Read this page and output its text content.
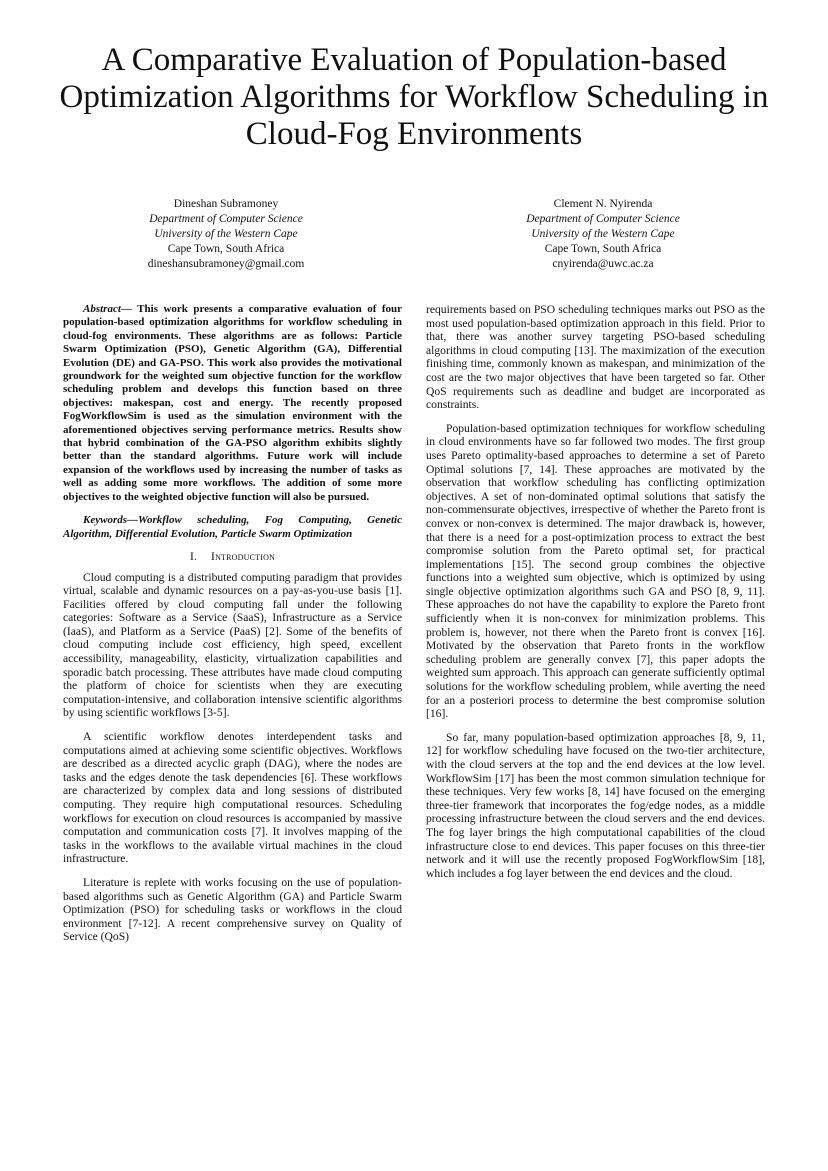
A Comparative Evaluation of Population-based Optimization Algorithms for Workflow Scheduling in Cloud-Fog Environments
Dineshan Subramoney
Department of Computer Science
University of the Western Cape
Cape Town, South Africa
dineshansubramoney@gmail.com
Clement N. Nyirenda
Department of Computer Science
University of the Western Cape
Cape Town, South Africa
cnyirenda@uwc.ac.za

Abstract— This work presents a comparative evaluation of four population-based optimization algorithms for workflow scheduling in cloud-fog environments. These algorithms are as follows: Particle Swarm Optimization (PSO), Genetic Algorithm (GA), Differential Evolution (DE) and GA-PSO. This work also provides the motivational groundwork for the weighted sum objective function for the workflow scheduling problem and develops this function based on three objectives: makespan, cost and energy. The recently proposed FogWorkflowSim is used as the simulation environment with the aforementioned objectives serving performance metrics. Results show that hybrid combination of the GA-PSO algorithm exhibits slightly better than the standard algorithms. Future work will include expansion of the workflows used by increasing the number of tasks as well as adding some more workflows. The addition of some more objectives to the weighted objective function will also be pursued.

Keywords—Workflow scheduling, Fog Computing, Genetic Algorithm, Differential Evolution, Particle Swarm Optimization

I. Introduction

Cloud computing is a distributed computing paradigm that provides virtual, scalable and dynamic resources on a pay-as-you-use basis [1]. Facilities offered by cloud computing fall under the following categories: Software as a Service (SaaS), Infrastructure as a Service (IaaS), and Platform as a Service (PaaS) [2]. Some of the benefits of cloud computing include cost efficiency, high speed, excellent accessibility, manageability, elasticity, virtualization capabilities and sporadic batch processing. These attributes have made cloud computing the platform of choice for scientists when they are executing computation-intensive, and collaboration intensive scientific algorithms by using scientific workflows [3-5].

A scientific workflow denotes interdependent tasks and computations aimed at achieving some scientific objectives. Workflows are described as a directed acyclic graph (DAG), where the nodes are tasks and the edges denote the task dependencies [6]. These workflows are characterized by complex data and long sessions of distributed computing. They require high computational resources. Scheduling workflows for execution on cloud resources is accompanied by massive computation and communication costs [7]. It involves mapping of the tasks in the workflows to the available virtual machines in the cloud infrastructure.

Literature is replete with works focusing on the use of population-based algorithms such as Genetic Algorithm (GA) and Particle Swarm Optimization (PSO) for scheduling tasks or workflows in the cloud environment [7-12]. A recent comprehensive survey on Quality of Service (QoS)

requirements based on PSO scheduling techniques marks out PSO as the most used population-based optimization approach in this field. Prior to that, there was another survey targeting PSO-based scheduling algorithms in cloud computing [13]. The maximization of the execution finishing time, commonly known as makespan, and minimization of the cost are the two major objectives that have been targeted so far. Other QoS requirements such as deadline and budget are incorporated as constraints.

Population-based optimization techniques for workflow scheduling in cloud environments have so far followed two modes. The first group uses Pareto optimality-based approaches to determine a set of Pareto Optimal solutions [7, 14]. These approaches are motivated by the observation that workflow scheduling has conflicting optimization objectives. A set of non-dominated optimal solutions that satisfy the non-commensurate objectives, irrespective of whether the Pareto front is convex or non-convex is determined. The major drawback is, however, that there is a need for a post-optimization process to extract the best compromise solution from the Pareto optimal set, for practical implementations [15]. The second group combines the objective functions into a weighted sum objective, which is optimized by using single objective optimization algorithms such GA and PSO [8, 9, 11]. These approaches do not have the capability to explore the Pareto front sufficiently when it is non-convex for minimization problems. This problem is, however, not there when the Pareto front is convex [16]. Motivated by the observation that Pareto fronts in the workflow scheduling problem are generally convex [7], this paper adopts the weighted sum approach. This approach can generate sufficiently optimal solutions for the workflow scheduling problem, while averting the need for an a posteriori process to determine the best compromise solution [16].

So far, many population-based optimization approaches [8, 9, 11, 12] for workflow scheduling have focused on the two-tier architecture, with the cloud servers at the top and the end devices at the low level. WorkflowSim [17] has been the most common simulation technique for these techniques. Very few works [8, 14] have focused on the emerging three-tier framework that incorporates the fog/edge nodes, as a middle processing infrastructure between the cloud servers and the end devices. The fog layer brings the high computational capabilities of the cloud infrastructure close to end devices. This paper focuses on this three-tier network and it will use the recently proposed FogWorkflowSim [18], which includes a fog layer between the end devices and the cloud.
